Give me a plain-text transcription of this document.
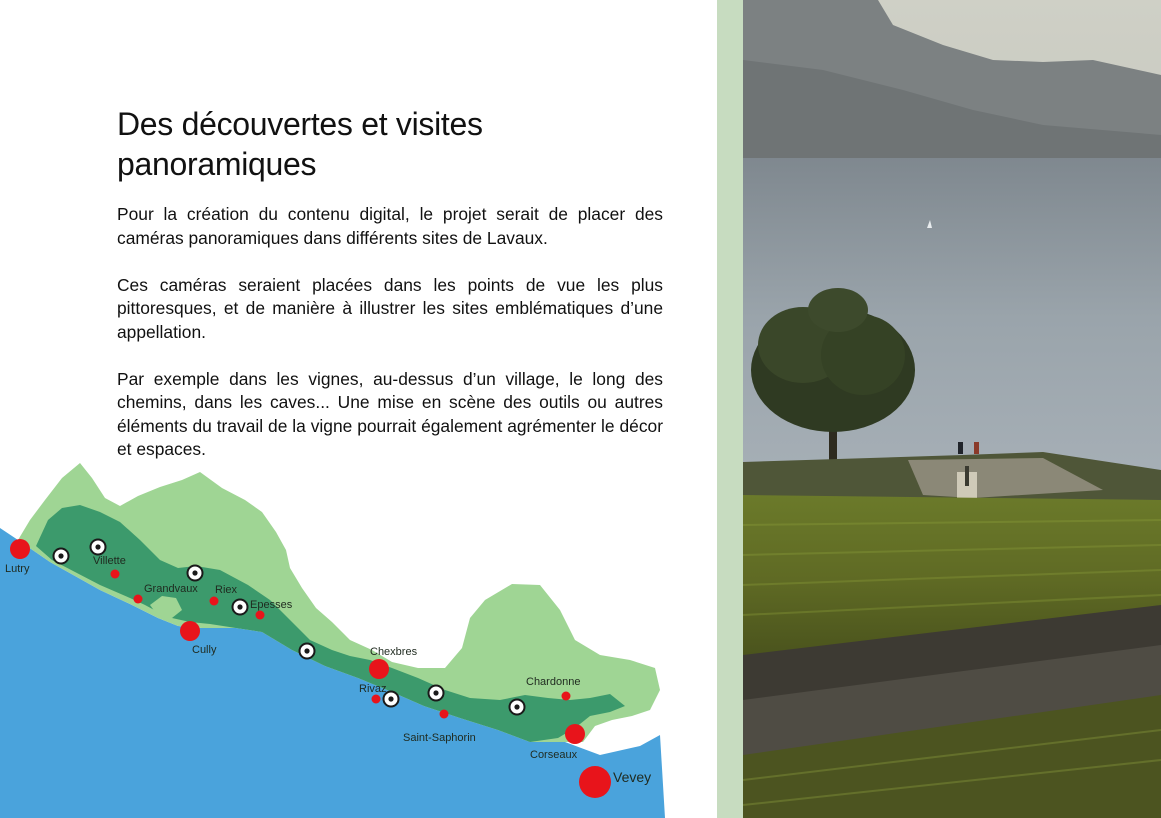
Des découvertes et visites panoramiques

Pour la création du contenu digital, le projet serait de placer des caméras panoramiques dans différents sites de Lavaux.

Ces caméras seraient placées dans les points de vue les plus pittoresques, et de manière à illustrer les sites emblématiques d’une appellation.

Par exemple dans les vignes, au-dessus d’un village, le long des chemins, dans les caves... Une mise en scène des outils ou autres éléments du travail de la vigne pourrait également agrémenter le décor et espaces.

Lutry
Villette
Grandvaux Riex
Epesses
Cully	Chexbres
Rivaz
Saint-Saphorin
Chardonne
Corseaux
Vevey
